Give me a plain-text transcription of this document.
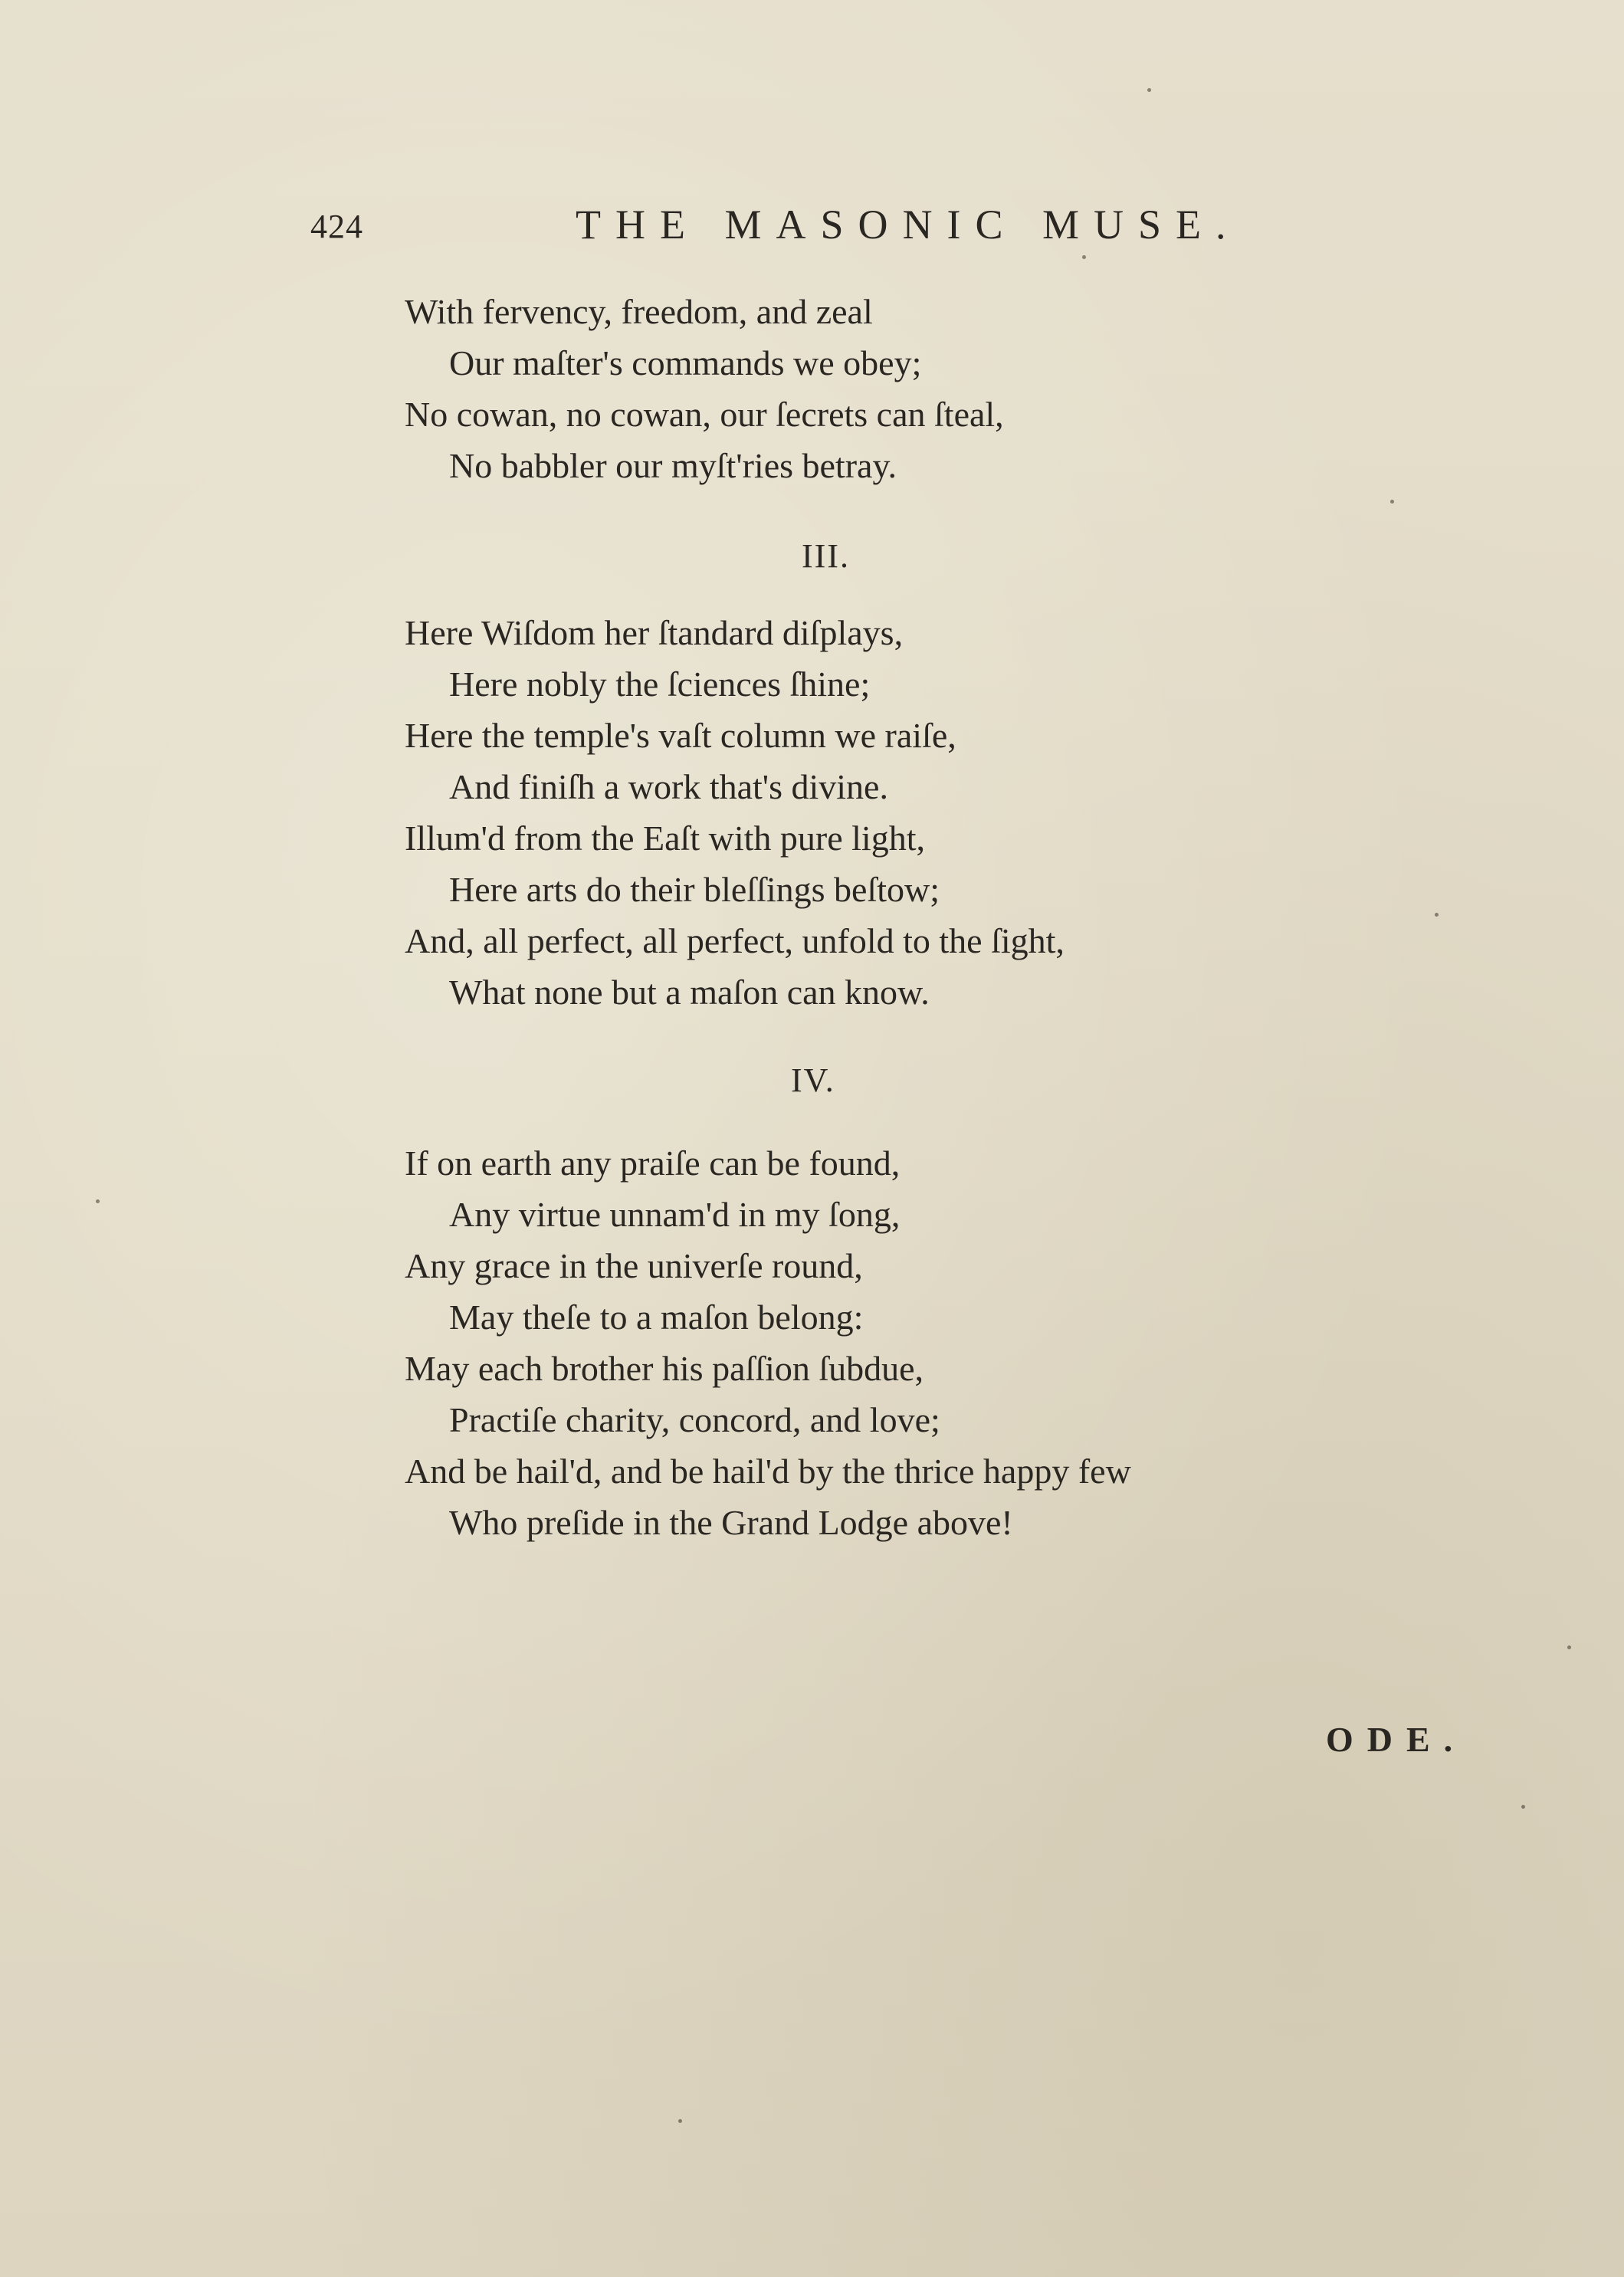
424	THE MASONIC MUSE.
With fervency, freedom, and zeal
Our maſter's commands we obey;
No cowan, no cowan, our ſecrets can ſteal,
No babbler our myſt'ries betray.
III.
Here Wiſdom her ſtandard diſplays,
Here nobly the ſciences ſhine;
Here the temple's vaſt column we raiſe,
And finiſh a work that's divine.
Illum'd from the Eaſt with pure light,
Here arts do their bleſſings beſtow;
And, all perfect, all perfect, unfold to the ſight,
What none but a maſon can know.
IV.
If on earth any praiſe can be found,
Any virtue unnam'd in my ſong,
Any grace in the univerſe round,
May theſe to a maſon belong:
May each brother his paſſion ſubdue,
Practiſe charity, concord, and love;
And be hail'd, and be hail'd by the thrice happy few
Who preſide in the Grand Lodge above!
ODE.
